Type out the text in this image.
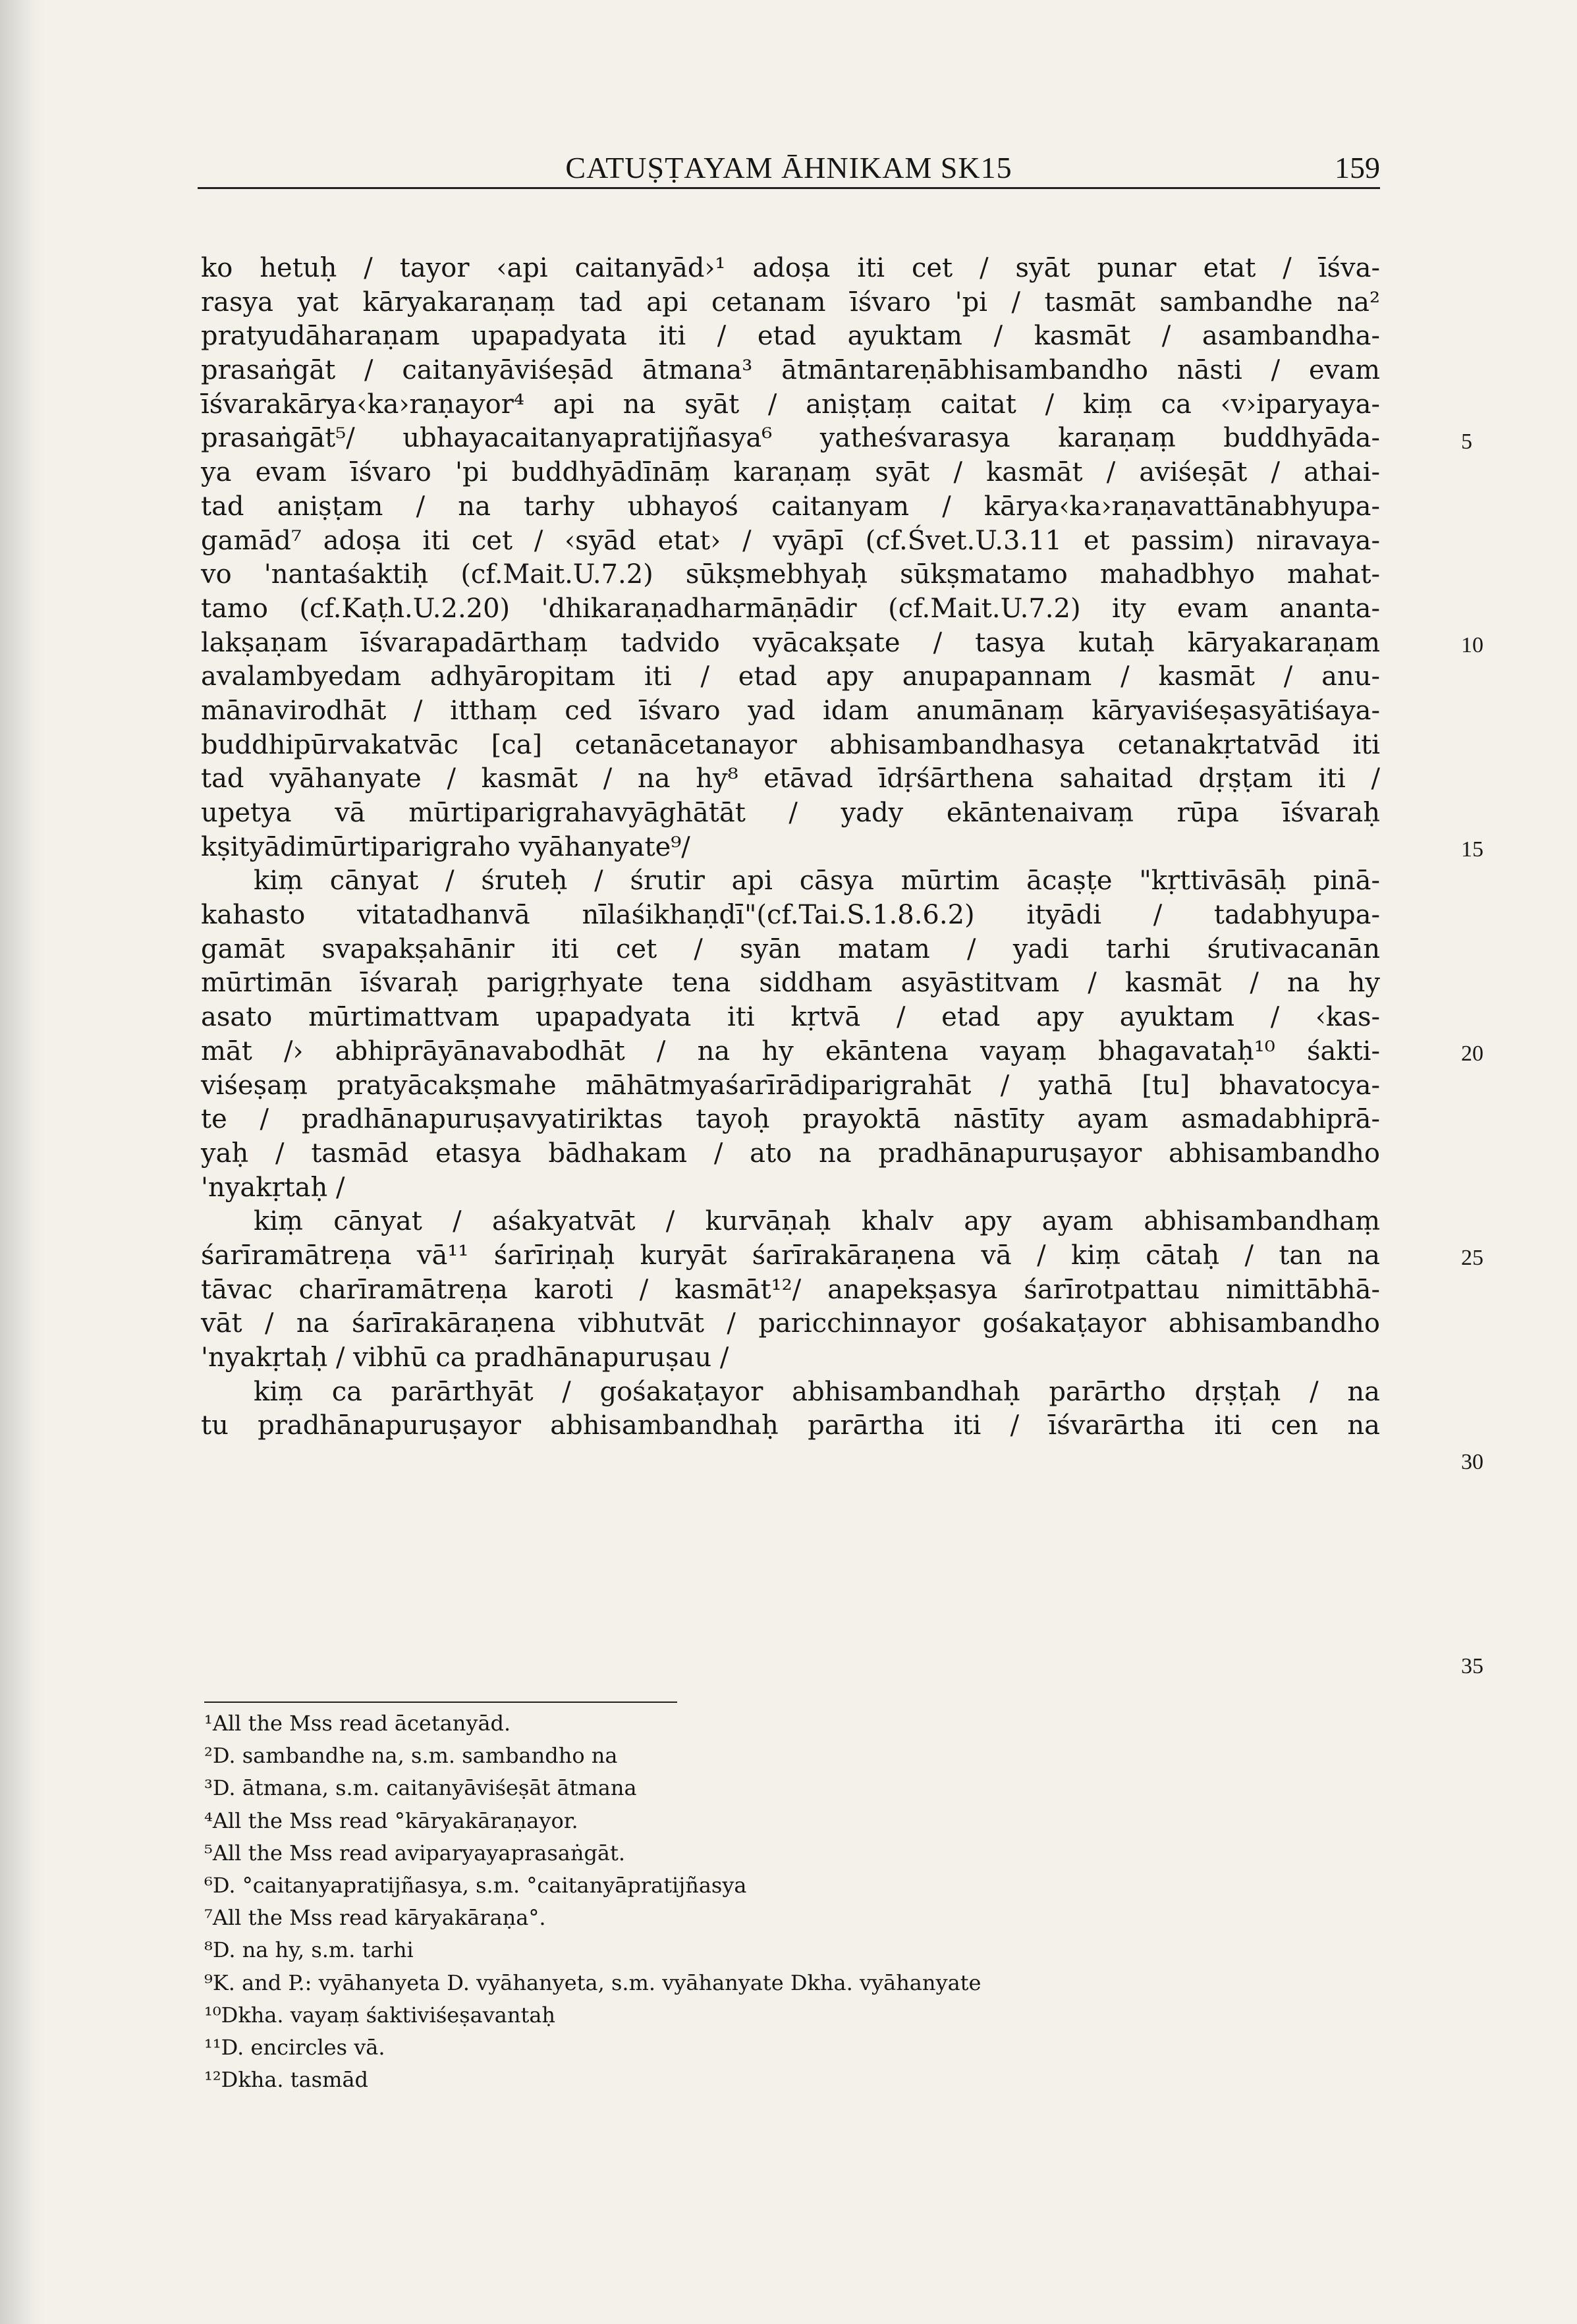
CATUṢṬAYAM ĀHNIKAM SK15	159
ko hetuḥ / tayor ‹api caitanyād›¹ adoṣa iti cet / syāt punar etat / īśva-
rasya yat kāryakaraṇaṃ tad api cetanam īśvaro 'pi / tasmāt sambandhe na²
pratyudāharaṇam upapadyata iti / etad ayuktam / kasmāt / asambandha-
prasaṅgāt / caitanyāviśeṣād ātmana³ ātmāntareṇābhisambandho nāsti / evam
īśvarakārya‹ka›raṇayor⁴ api na syāt / aniṣṭaṃ caitat / kiṃ ca ‹v›iparyaya-
prasaṅgāt⁵/ ubhayacaitanyapratijñasya⁶ yatheśvarasya karaṇaṃ buddhyāda-
ya evam īśvaro 'pi buddhyādīnāṃ karaṇaṃ syāt / kasmāt / aviśeṣāt / athai-
tad aniṣṭam / na tarhy ubhayoś caitanyam / kārya‹ka›raṇavattānabhyupa-
gamād⁷ adoṣa iti cet / ‹syād etat› / vyāpī (cf.Śvet.U.3.11 et passim) niravaya-
vo 'nantaśaktiḥ (cf.Mait.U.7.2) sūkṣmebhyaḥ sūkṣmatamo mahadbhyo mahat-
tamo (cf.Kaṭh.U.2.20) 'dhikaraṇadharmāṇādir (cf.Mait.U.7.2) ity evam ananta-
lakṣaṇam īśvarapadārthaṃ tadvido vyācakṣate / tasya kutaḥ kāryakaraṇam
avalambyedam adhyāropitam iti / etad apy anupapannam / kasmāt / anu-
mānavirodhāt / itthaṃ ced īśvaro yad idam anumānaṃ kāryaviśeṣasyātiśaya-
buddhipūrvakatvāc [ca] cetanācetanayor abhisambandhasya cetanakṛtatvād iti
tad vyāhanyate / kasmāt / na hy⁸ etāvad īdṛśārthena sahaitad dṛṣṭam iti /
upetya vā mūrtiparigrahavyāghātāt / yady ekāntenaivaṃ rūpa īśvaraḥ
kṣityādimūrtiparigraho vyāhanyate⁹/
kiṃ cānyat / śruteḥ / śrutir api cāsya mūrtim ācaṣṭe "kṛttivāsāḥ pinā-
kahasto vitatadhanvā nīlaśikhaṇḍī"(cf.Tai.S.1.8.6.2) ityādi / tadabhyupa-
gamāt svapakṣahānir iti cet / syān matam / yadi tarhi śrutivacanān
mūrtimān īśvaraḥ parigṛhyate tena siddham asyāstitvam / kasmāt / na hy
asato mūrtimattvam upapadyata iti kṛtvā / etad apy ayuktam / ‹kas-
māt /› abhiprāyānavabodhāt / na hy ekāntena vayaṃ bhagavataḥ¹⁰ śakti-
viśeṣaṃ pratyācakṣmahe māhātmyaśarīrādiparigrahāt / yathā [tu] bhavatocya-
te / pradhānapuruṣavyatiriktas tayoḥ prayoktā nāstīty ayam asmadabhiprā-
yaḥ / tasmād etasya bādhakam / ato na pradhānapuruṣayor abhisambandho
'nyakṛtaḥ /
kiṃ cānyat / aśakyatvāt / kurvāṇaḥ khalv apy ayam abhisambandhaṃ
śarīramātreṇa vā¹¹ śarīriṇaḥ kuryāt śarīrakāraṇena vā / kiṃ cātaḥ / tan na
tāvac charīramātreṇa karoti / kasmāt¹²/ anapekṣasya śarīrotpattau nimittābhā-
vāt / na śarīrakāraṇena vibhutvāt / paricchinnayor gośakaṭayor abhisambandho
'nyakṛtaḥ / vibhū ca pradhānapuruṣau /
kiṃ ca parārthyāt / gośakaṭayor abhisambandhaḥ parārtho dṛṣṭaḥ / na
tu pradhānapuruṣayor abhisambandhaḥ parārtha iti / īśvarārtha iti cen na
5
10
15
20
25
30
35
¹All the Mss read ācetanyād.
²D. sambandhe na, s.m. sambandho na
³D. ātmana, s.m. caitanyāviśeṣāt ātmana
⁴All the Mss read °kāryakāraṇayor.
⁵All the Mss read aviparyayaprasaṅgāt.
⁶D. °caitanyapratijñasya, s.m. °caitanyāpratijñasya
⁷All the Mss read kāryakāraṇa°.
⁸D. na hy, s.m. tarhi
⁹K. and P.: vyāhanyeta D. vyāhanyeta, s.m. vyāhanyate Dkha. vyāhanyate
¹⁰Dkha. vayaṃ śaktiviśeṣavantaḥ
¹¹D. encircles vā.
¹²Dkha. tasmād
